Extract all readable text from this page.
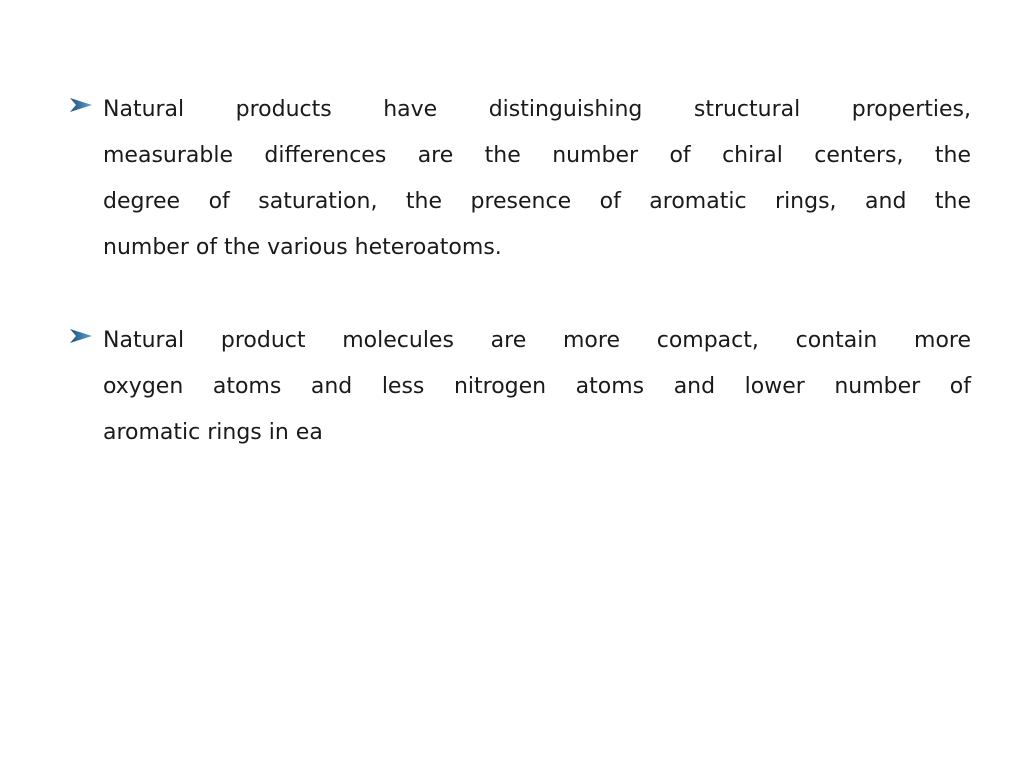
Natural products have distinguishing structural properties,
measurable differences are the number of chiral centers, the
degree of saturation, the presence of aromatic rings, and the
number of the various heteroatoms.
Natural product molecules are more compact, contain more
oxygen atoms and less nitrogen atoms and lower number of
aromatic rings in ea
